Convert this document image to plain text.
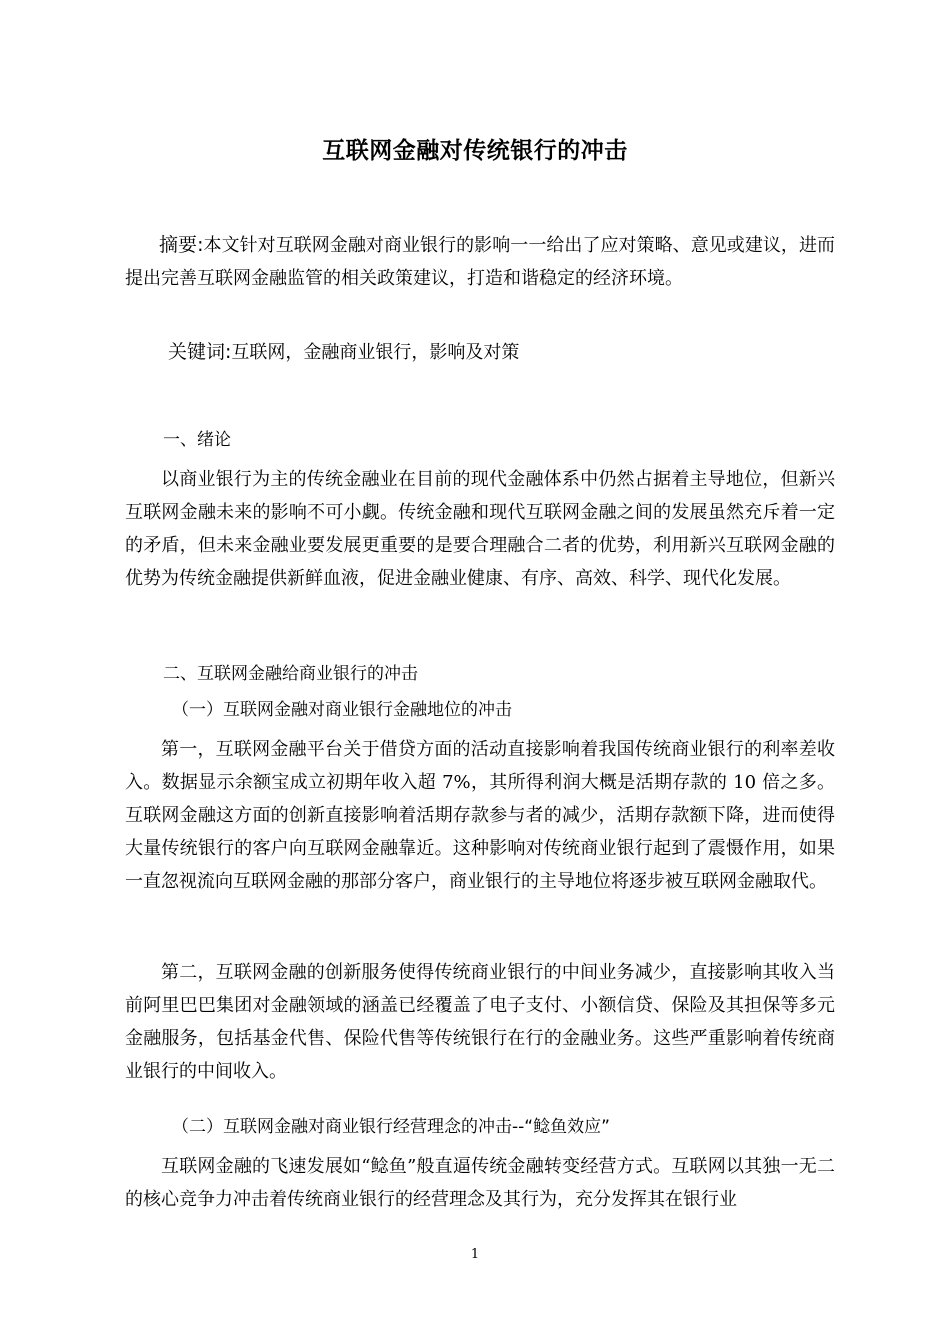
互联网金融对传统银行的冲击
摘要:本文针对互联网金融对商业银行的影响一一给出了应对策略、意见或建议，进而提出完善互联网金融监管的相关政策建议，打造和谐稳定的经济环境。
关键词:互联网，金融商业银行，影响及对策
一、绪论
以商业银行为主的传统金融业在目前的现代金融体系中仍然占据着主导地位，但新兴互联网金融未来的影响不可小觑。传统金融和现代互联网金融之间的发展虽然充斥着一定的矛盾，但未来金融业要发展更重要的是要合理融合二者的优势，利用新兴互联网金融的优势为传统金融提供新鲜血液，促进金融业健康、有序、高效、科学、现代化发展。
二、互联网金融给商业银行的冲击
（一）互联网金融对商业银行金融地位的冲击
第一，互联网金融平台关于借贷方面的活动直接影响着我国传统商业银行的利率差收入。数据显示余额宝成立初期年收入超 7%，其所得利润大概是活期存款的 10 倍之多。互联网金融这方面的创新直接影响着活期存款参与者的减少，活期存款额下降，进而使得大量传统银行的客户向互联网金融靠近。这种影响对传统商业银行起到了震慑作用，如果一直忽视流向互联网金融的那部分客户，商业银行的主导地位将逐步被互联网金融取代。
第二，互联网金融的创新服务使得传统商业银行的中间业务减少，直接影响其收入当前阿里巴巴集团对金融领域的涵盖已经覆盖了电子支付、小额信贷、保险及其担保等多元金融服务，包括基金代售、保险代售等传统银行在行的金融业务。这些严重影响着传统商业银行的中间收入。
（二）互联网金融对商业银行经营理念的冲击--“鲶鱼效应”
互联网金融的飞速发展如“鲶鱼”般直逼传统金融转变经营方式。互联网以其独一无二的核心竞争力冲击着传统商业银行的经营理念及其行为，充分发挥其在银行业
1
